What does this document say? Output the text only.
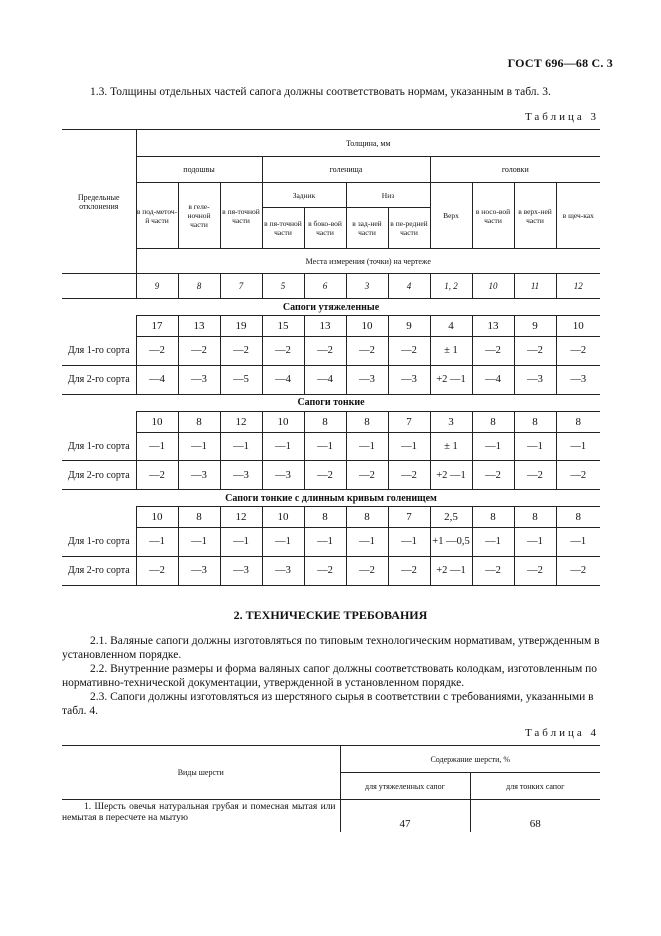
ГОСТ 696—68 С. 3
1.3. Толщины отдельных частей сапога должны соответствовать нормам, указанным в табл. 3.
Таблица 3
Предельные отклонения	Толщина, мм										
	подошвы			голенища				головки			
	в под-меточ-й части	в гелe-ночной части	в пя-точной части	Задник		Низ		Верх	в носо-вой части	в верх-ней части	в щеч-ках
				в пя-точной части	в боко-вой части	в зад-ней части	в пе-редней части				
	Места измерения (точки) на чертеже										
	9	8	7	5	6	3	4	1, 2	10	11	12
Сапоги утяжеленные											
	17	13	19	15	13	10	9	4	13	9	10
Для 1-го сорта	—2	—2	—2	—2	—2	—2	—2	± 1	—2	—2	—2
Для 2-го сорта	—4	—3	—5	—4	—4	—3	—3	+2 —1	—4	—3	—3
Сапоги тонкие											
	10	8	12	10	8	8	7	3	8	8	8
Для 1-го сорта	—1	—1	—1	—1	—1	—1	—1	± 1	—1	—1	—1
Для 2-го сорта	—2	—3	—3	—3	—2	—2	—2	+2 —1	—2	—2	—2
Сапоги тонкие с длинным кривым голенищем											
	10	8	12	10	8	8	7	2,5	8	8	8
Для 1-го сорта	—1	—1	—1	—1	—1	—1	—1	+1 —0,5	—1	—1	—1
Для 2-го сорта	—2	—3	—3	—3	—2	—2	—2	+2 —1	—2	—2	—2
2. ТЕХНИЧЕСКИЕ ТРЕБОВАНИЯ
2.1. Валяные сапоги должны изготовляться по типовым технологическим нормативам, утвержденным в установленном порядке.
2.2. Внутренние размеры и форма валяных сапог должны соответствовать колодкам, изготовленным по нормативно-технической документации, утвержденной в установленном порядке.
2.3. Сапоги должны изготовляться из шерстяного сырья в соответствии с требованиями, указанными в табл. 4.
Таблица 4
Виды шерсти	Содержание шерсти, %	
	для утяжеленных сапог	для тонких сапог
1. Шерсть овечья натуральная грубая и помесная мытая или немытая в пересчете на мытую	47	68
